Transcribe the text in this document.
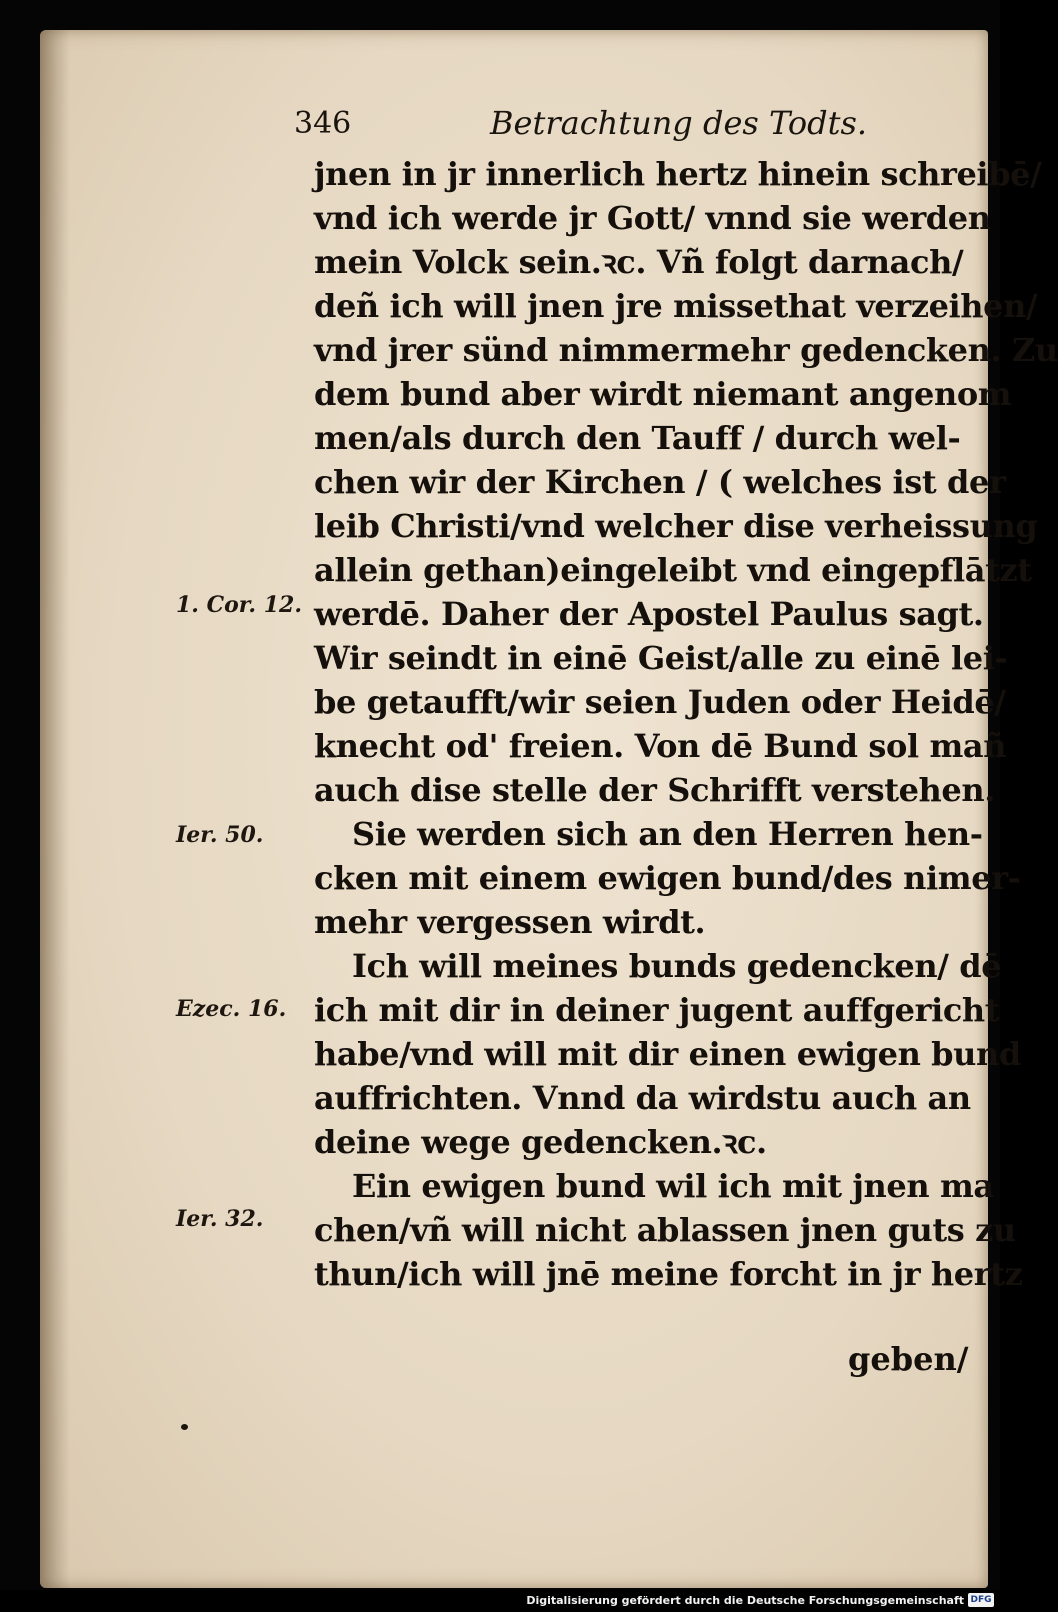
346	Betrachtung des Todts.
jnen in jr innerlich hertz hinein schreibē/
vnd ich werde jr Gott/ vnnd sie werden
mein Volck sein.ꝛc. Vñ folgt darnach/
deñ ich will jnen jre missethat verzeihen/
vnd jrer sünd nimmermehr gedencken. Zu
dem bund aber wirdt niemant angenom
men/als durch den Tauff / durch wel-
chen wir der Kirchen / ( welches ist der
leib Christi/vnd welcher dise verheissung
allein gethan)eingeleibt vnd eingepflātzt
werdē. Daher der Apostel Paulus sagt.
Wir seindt in einē Geist/alle zu einē lei-
be getaufft/wir seien Juden oder Heidē/
knecht od' freien. Von dē Bund sol mañ
auch dise stelle der Schrifft verstehen.
Sie werden sich an den Herren hen-
cken mit einem ewigen bund/des nimer-
mehr vergessen wirdt.
Ich will meines bunds gedencken/ dē
ich mit dir in deiner jugent auffgericht
habe/vnd will mit dir einen ewigen bund
auffrichten. Vnnd da wirdstu auch an
deine wege gedencken.ꝛc.
Ein ewigen bund wil ich mit jnen ma
chen/vñ will nicht ablassen jnen guts zu
thun/ich will jnē meine forcht in jr hertz
1. Cor. 12.
Ier. 50.
Ezec. 16.
Ier. 32.
geben/
Digitalisierung gefördert durch die Deutsche Forschungsgemeinschaft DFG
